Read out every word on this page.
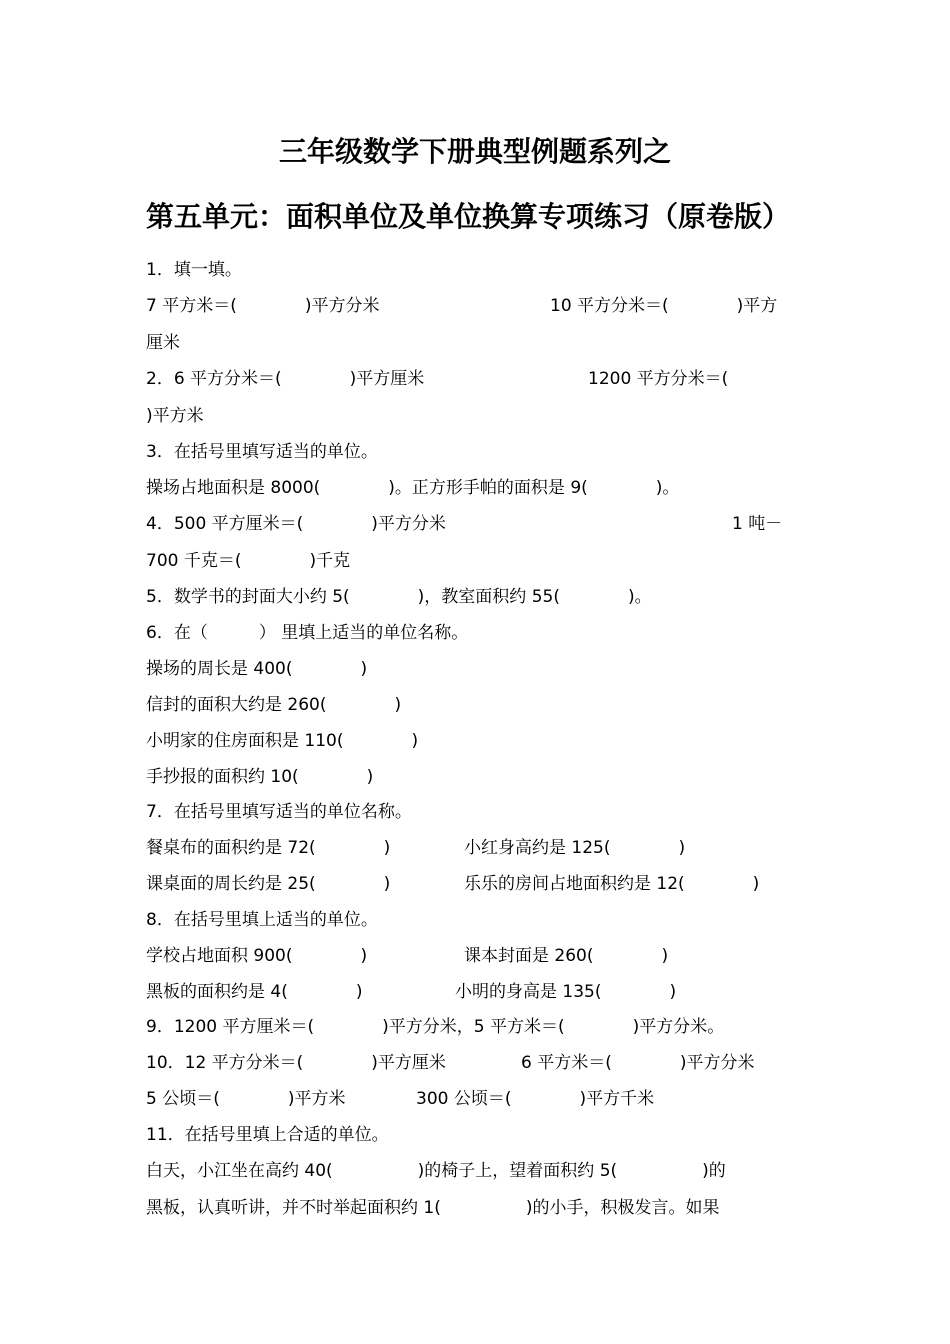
三年级数学下册典型例题系列之
第五单元：面积单位及单位换算专项练习（原卷版）
1．填一填。
7 平方米＝(　　　　)平方分米	10 平方分米＝(　　　　)平方
厘米
2．6 平方分米＝(　　　　)平方厘米	1200 平方分米＝(
)平方米
3．在括号里填写适当的单位。
操场占地面积是 8000(　　　　)。正方形手帕的面积是 9(　　　　)。
4．500 平方厘米＝(　　　　)平方分米	1 吨－
700 千克＝(　　　　)千克
5．数学书的封面大小约 5(　　　　)，教室面积约 55(　　　　)。
6．在（　　　） 里填上适当的单位名称。
操场的周长是 400(　　　　)
信封的面积大约是 260(　　　　)
小明家的住房面积是 110(　　　　)
手抄报的面积约 10(　　　　)
7．在括号里填写适当的单位名称。
餐桌布的面积约是 72(　　　　)	小红身高约是 125(　　　　)
课桌面的周长约是 25(　　　　)	乐乐的房间占地面积约是 12(　　　　)
8．在括号里填上适当的单位。
学校占地面积 900(　　　　)	课本封面是 260(　　　　)
黑板的面积约是 4(　　　　)	小明的身高是 135(　　　　)
9．1200 平方厘米＝(　　　　)平方分米，5 平方米＝(　　　　)平方分米。
10．12 平方分米＝(　　　　)平方厘米	6 平方米＝(　　　　)平方分米
5 公顷＝(　　　　)平方米	300 公顷＝(　　　　)平方千米
11．在括号里填上合适的单位。
白天，小江坐在高约 40(　　　　　)的椅子上，望着面积约 5(　　　　　)的
黑板，认真听讲，并不时举起面积约 1(　　　　　)的小手，积极发言。如果
